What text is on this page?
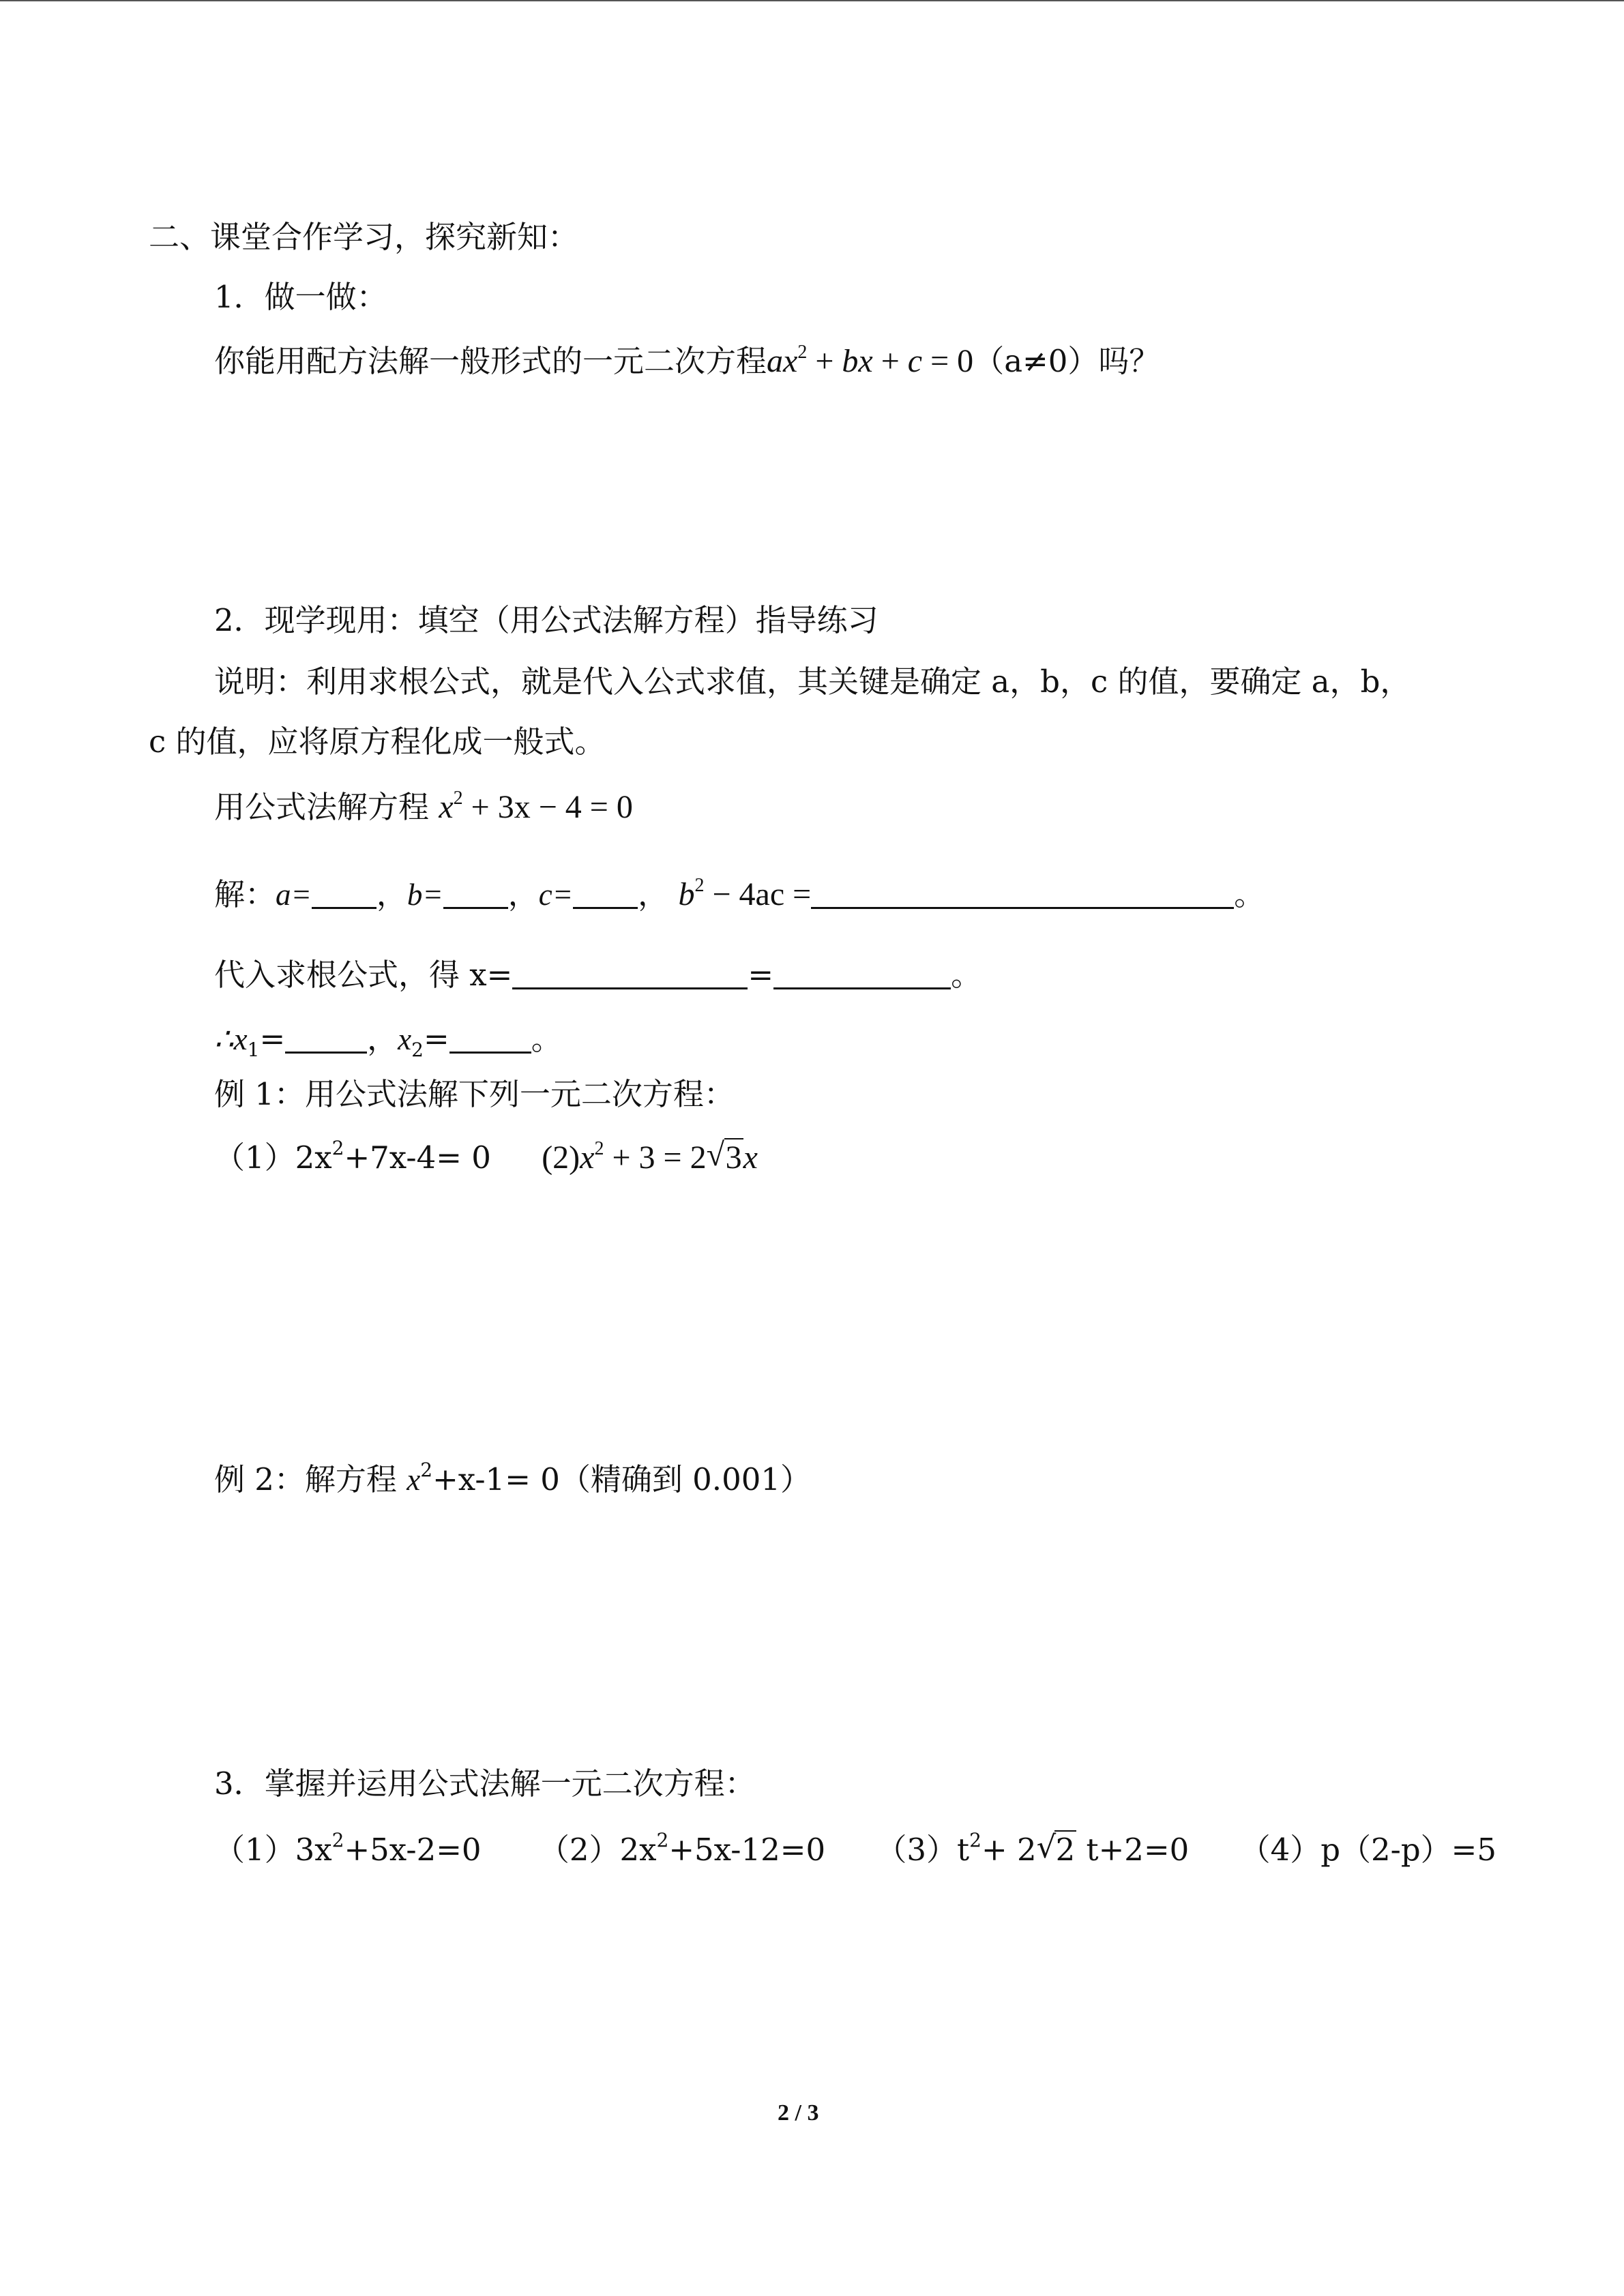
二、课堂合作学习，探究新知：
1．做一做：
你能用配方法解一般形式的一元二次方程$ax^2$ + bx + c = 0（a≠0）吗？
2．现学现用：填空（用公式法解方程）指导练习
说明：利用求根公式，就是代入公式求值，其关键是确定 a，b，c 的值，要确定 a，b，
c 的值，应将原方程化成一般式。
用公式法解方程 $x^2 + 3x - 4 = 0$
解：a= ，b= ，c= ， $b^2 - 4ac$ =	。
代入求根公式，得 x=	=	。
$\therefore x_1=$	，$x_2=$	。
例 1：用公式法解下列一元二次方程：
$(1)2x^2+7x-4= 0$ $(2)x^2 + 3 = 2$ √ 3x
例 2：解方程 $x^2+x-1= 0$（精确到 0.001）
3．掌握并运用公式法解一元二次方程：
$(1)3x^2+5x-2=0$ $(2)2x^2+5x-12=0$ $(3)t^2+ 2$ √ 2 t+2=0 （4）p（2-p）=5
2 / 3
